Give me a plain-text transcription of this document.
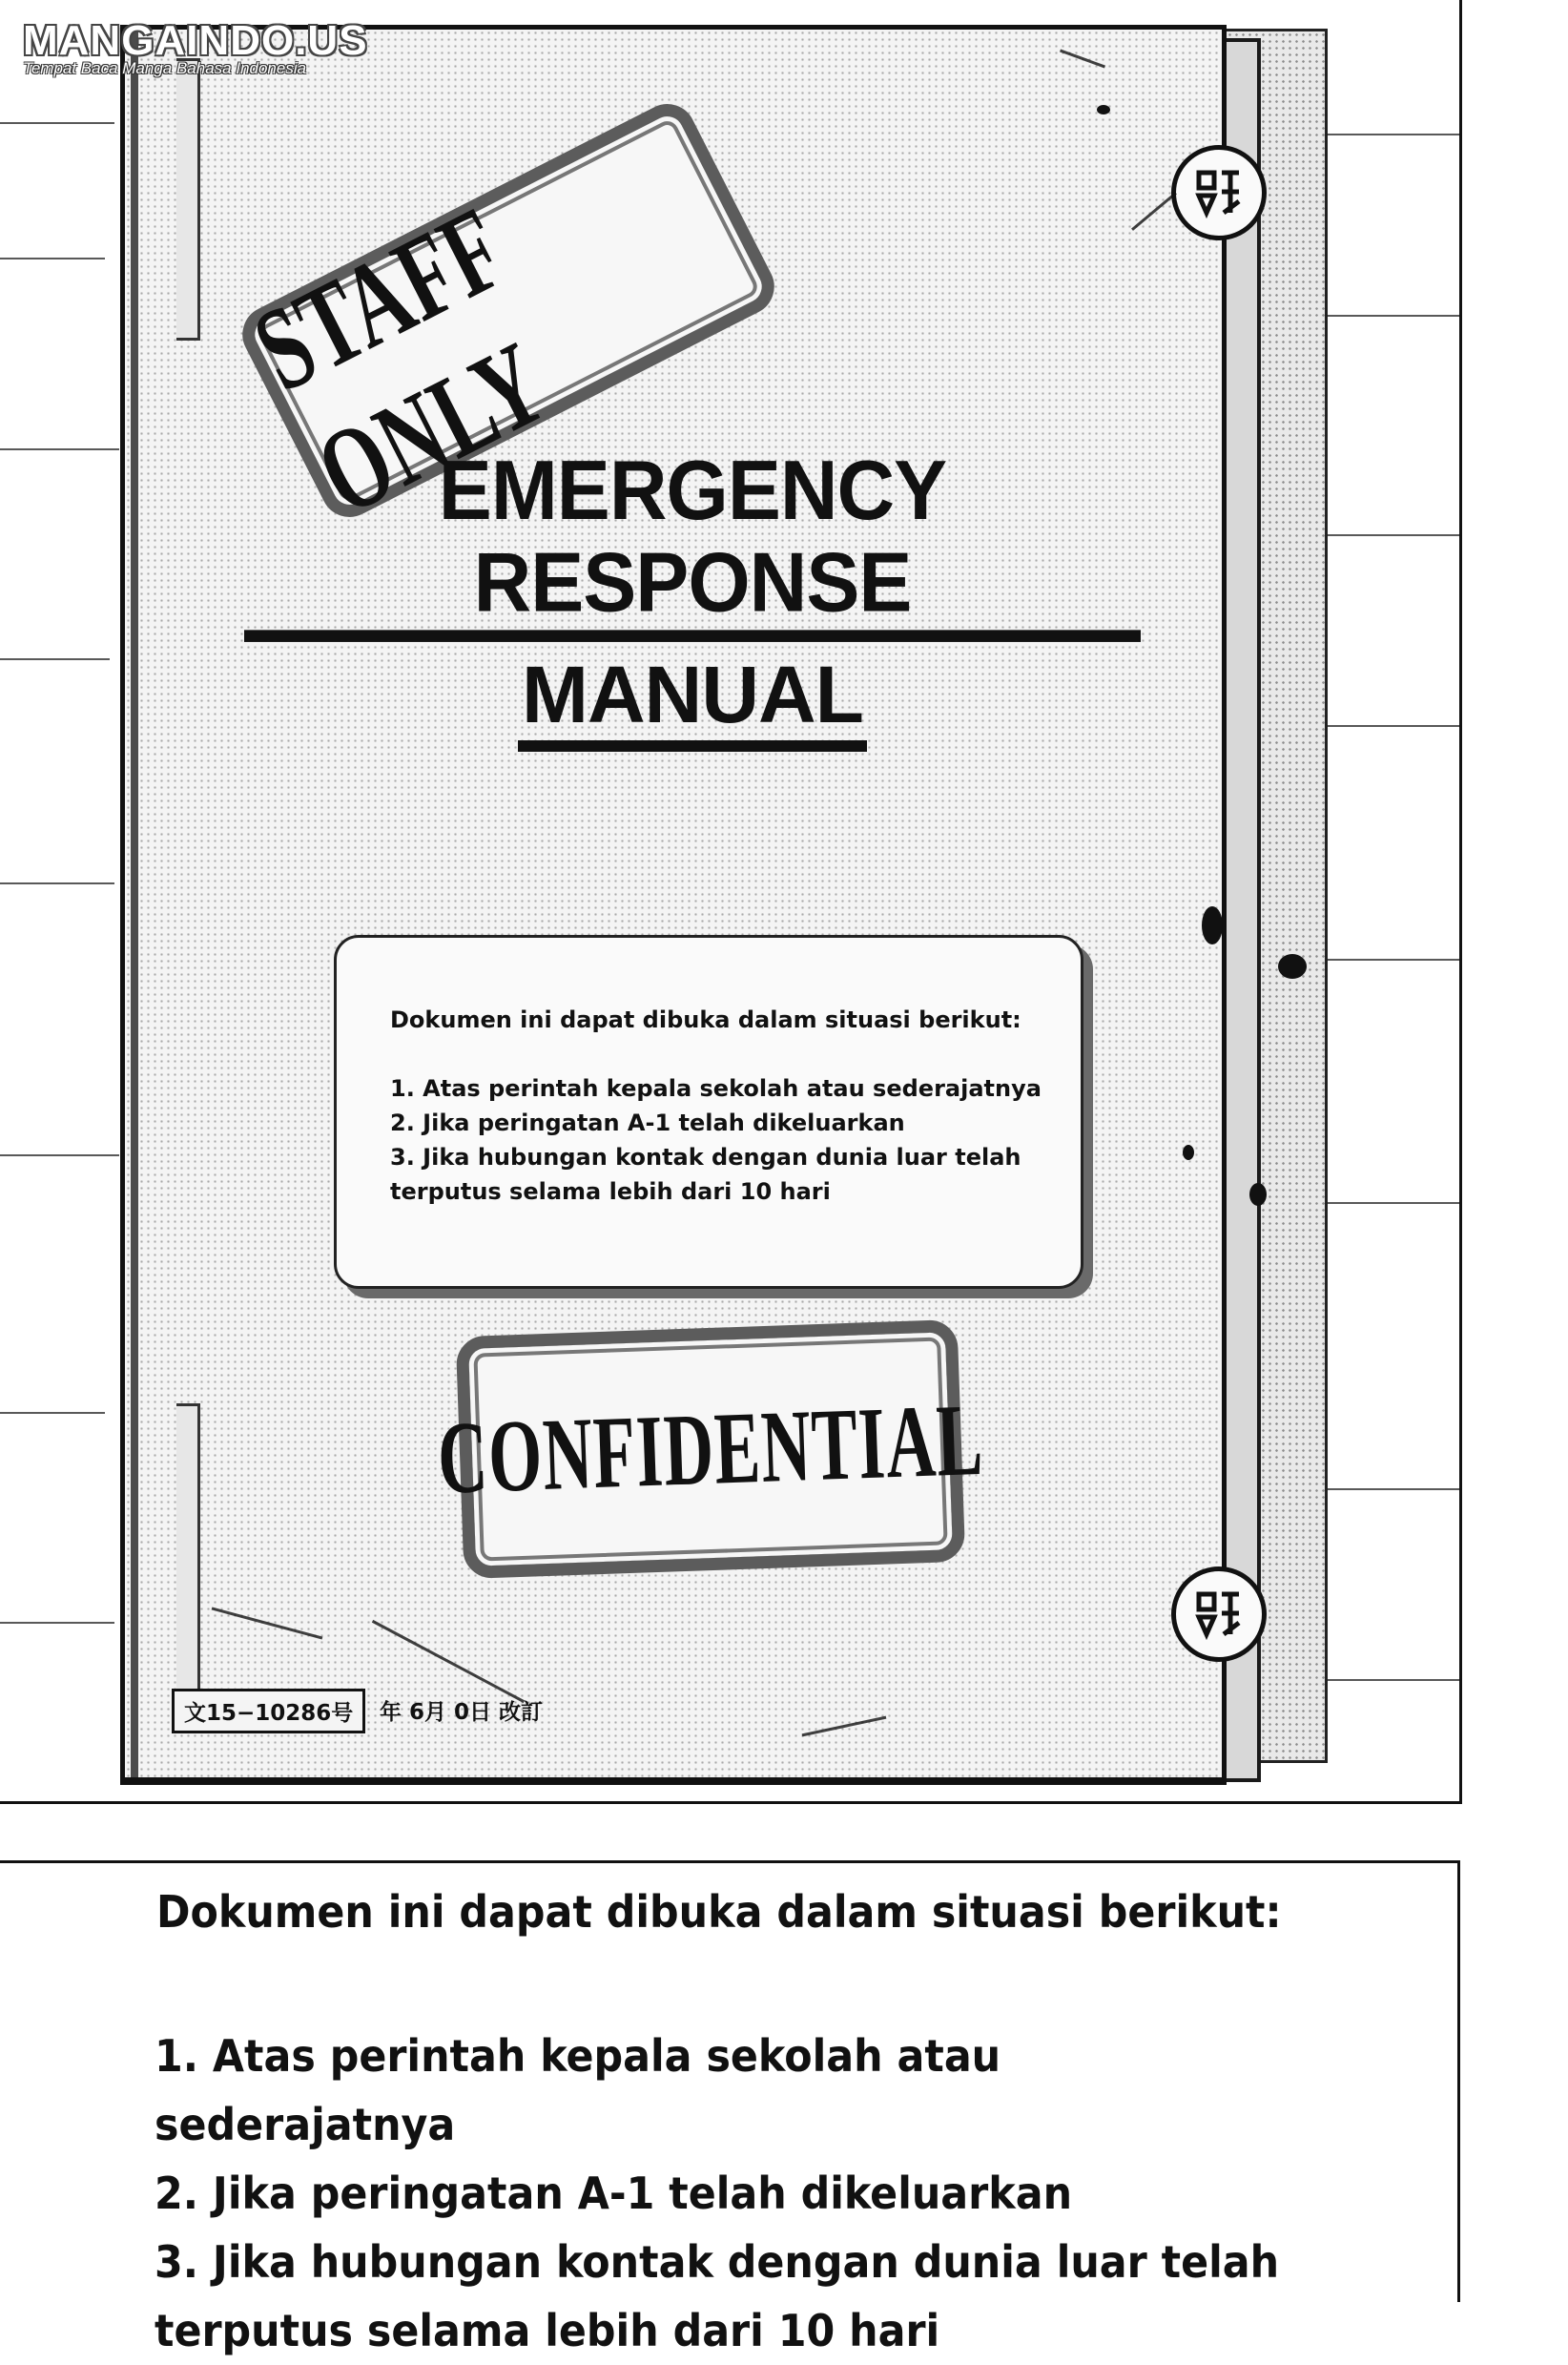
STAFF ONLY
EMERGENCY RESPONSE
MANUAL
Dokumen ini dapat dibuka dalam situasi berikut:
1. Atas perintah kepala sekolah atau sederajatnya
2. Jika peringatan A-1 telah dikeluarkan
3. Jika hubungan kontak dengan dunia luar telah
terputus selama lebih dari 10 hari
CONFIDENTIAL
文15−10286号	年 6月 0日 改訂
MANGAINDO.US
Tempat Baca Manga Bahasa Indonesia
Dokumen ini dapat dibuka dalam situasi berikut:
1. Atas perintah kepala sekolah atau sederajatnya
2. Jika peringatan A-1 telah dikeluarkan
3. Jika hubungan kontak dengan dunia luar telah
terputus selama lebih dari 10 hari
